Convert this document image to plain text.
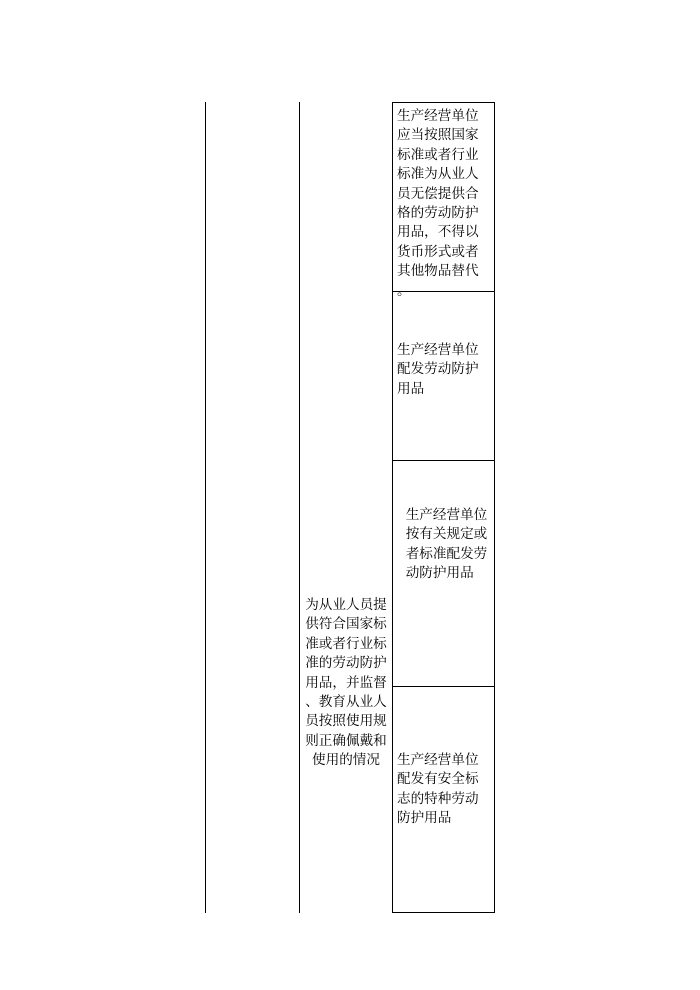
为从业人员提
供符合国家标
准或者行业标
准的劳动防护
用品，并监督
、教育从业人
员按照使用规
则正确佩戴和
使用的情况
生产经营单位
应当按照国家
标准或者行业
标准为从业人
员无偿提供合
格的劳动防护
用品，不得以
货币形式或者
其他物品替代
。
生产经营单位
配发劳动防护
用品
生产经营单位
按有关规定或
者标准配发劳
动防护用品
生产经营单位
配发有安全标
志的特种劳动
防护用品
